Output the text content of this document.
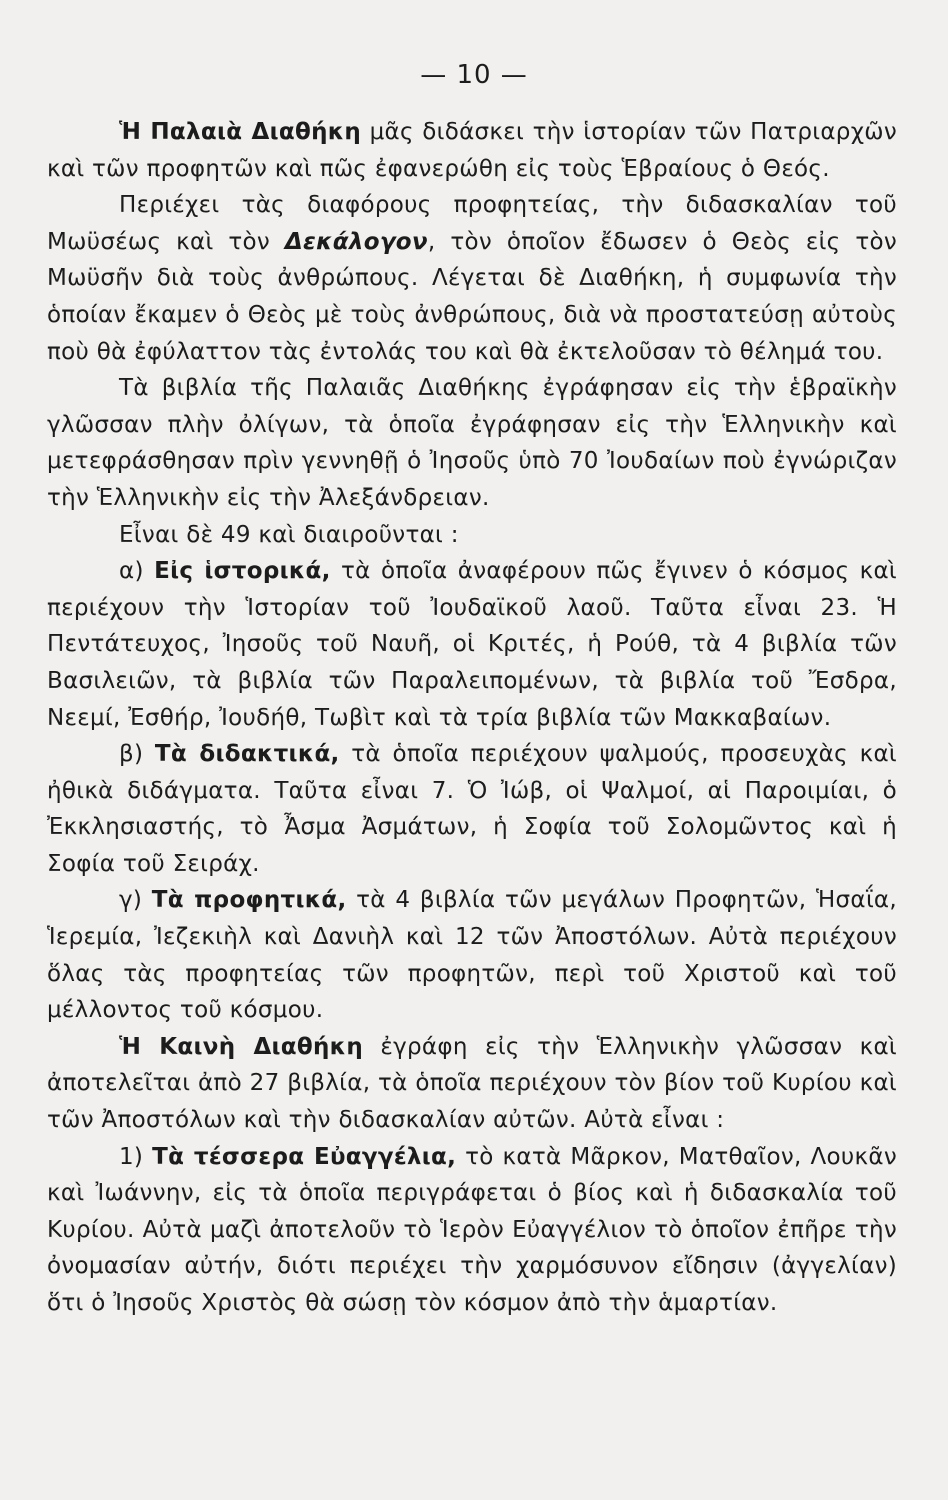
— 10 —

Ἡ Παλαιὰ Διαθήκη μᾶς διδάσκει τὴν ἱστορίαν τῶν Πατριαρχῶν καὶ τῶν προφητῶν καὶ πῶς ἐφανερώθη εἰς τοὺς Ἑβραίους ὁ Θεός.

Περιέχει τὰς διαφόρους προφητείας, τὴν διδασκαλίαν τοῦ Μωϋσέως καὶ τὸν Δεκάλογον, τὸν ὁποῖον ἔδωσεν ὁ Θεὸς εἰς τὸν Μωϋσῆν διὰ τοὺς ἀνθρώπους. Λέγεται δὲ Διαθήκη, ἡ συμφωνία τὴν ὁποίαν ἔκαμεν ὁ Θεὸς μὲ τοὺς ἀνθρώπους, διὰ νὰ προστατεύσῃ αὐτοὺς ποὺ θὰ ἐφύλαττον τὰς ἐντολάς του καὶ θὰ ἐκτελοῦσαν τὸ θέλημά του.

Τὰ βιβλία τῆς Παλαιᾶς Διαθήκης ἐγράφησαν εἰς τὴν ἑβραϊκὴν γλῶσσαν πλὴν ὀλίγων, τὰ ὁποῖα ἐγράφησαν εἰς τὴν Ἑλληνικὴν καὶ μετεφράσθησαν πρὶν γεννηθῇ ὁ Ἰησοῦς ὑπὸ 70 Ἰουδαίων ποὺ ἐγνώριζαν τὴν Ἑλληνικὴν εἰς τὴν Ἀλεξάνδρειαν.

Εἶναι δὲ 49 καὶ διαιροῦνται :

α) Εἰς ἱστορικά, τὰ ὁποῖα ἀναφέρουν πῶς ἔγινεν ὁ κόσμος καὶ περιέχουν τὴν Ἱστορίαν τοῦ Ἰουδαϊκοῦ λαοῦ. Ταῦτα εἶναι 23. Ἡ Πεντάτευχος, Ἰησοῦς τοῦ Ναυῆ, οἱ Κριτές, ἡ Ρούθ, τὰ 4 βιβλία τῶν Βασιλειῶν, τὰ βιβλία τῶν Παραλειπομένων, τὰ βιβλία τοῦ Ἔσδρα, Νεεμί, Ἐσθήρ, Ἰουδήθ, Τωβὶτ καὶ τὰ τρία βιβλία τῶν Μακκαβαίων.

β) Τὰ διδακτικά, τὰ ὁποῖα περιέχουν ψαλμούς, προσευχὰς καὶ ἠθικὰ διδάγματα. Ταῦτα εἶναι 7. Ὁ Ἰώβ, οἱ Ψαλμοί, αἱ Παροιμίαι, ὁ Ἐκκλησιαστής, τὸ Ἆσμα Ἀσμάτων, ἡ Σοφία τοῦ Σολομῶντος καὶ ἡ Σοφία τοῦ Σειράχ.

γ) Τὰ προφητικά, τὰ 4 βιβλία τῶν μεγάλων Προφητῶν, Ἡσαΐα, Ἱερεμία, Ἰεζεκιὴλ καὶ Δανιὴλ καὶ 12 τῶν Ἀποστόλων. Αὐτὰ περιέχουν ὅλας τὰς προφητείας τῶν προφητῶν, περὶ τοῦ Χριστοῦ καὶ τοῦ μέλλοντος τοῦ κόσμου.

Ἡ Καινὴ Διαθήκη ἐγράφη εἰς τὴν Ἑλληνικὴν γλῶσσαν καὶ ἀποτελεῖται ἀπὸ 27 βιβλία, τὰ ὁποῖα περιέχουν τὸν βίον τοῦ Κυρίου καὶ τῶν Ἀποστόλων καὶ τὴν διδασκαλίαν αὐτῶν. Αὐτὰ εἶναι :

1) Τὰ τέσσερα Εὐαγγέλια, τὸ κατὰ Μᾶρκον, Ματθαῖον, Λουκᾶν καὶ Ἰωάννην, εἰς τὰ ὁποῖα περιγράφεται ὁ βίος καὶ ἡ διδασκαλία τοῦ Κυρίου. Αὐτὰ μαζὶ ἀποτελοῦν τὸ Ἱερὸν Εὐαγγέλιον τὸ ὁποῖον ἐπῆρε τὴν ὀνομασίαν αὐτήν, διότι περιέχει τὴν χαρμόσυνον εἴδησιν (ἀγγελίαν) ὅτι ὁ Ἰησοῦς Χριστὸς θὰ σώσῃ τὸν κόσμον ἀπὸ τὴν ἁμαρτίαν.
